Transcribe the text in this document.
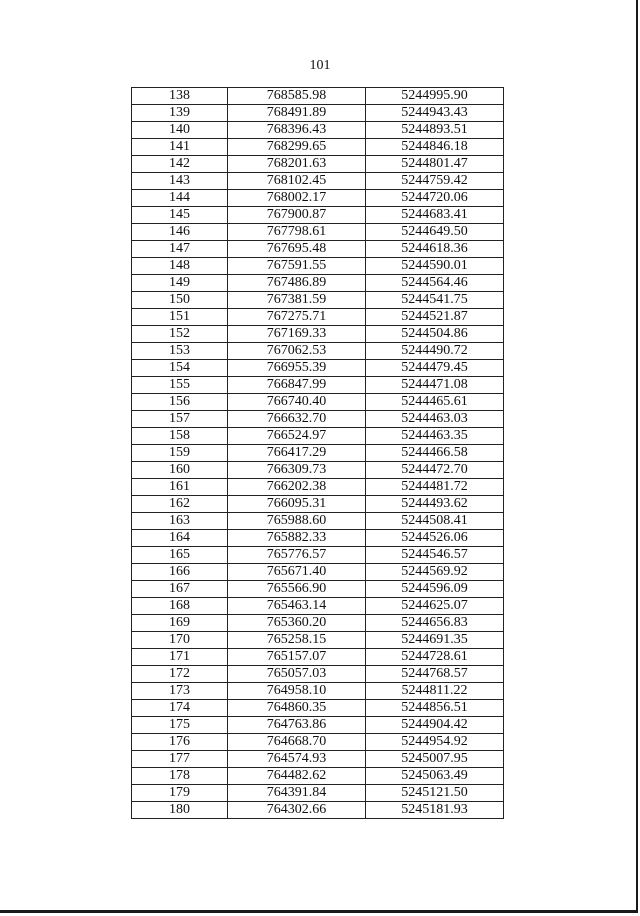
101
138	768585.98	5244995.90
139	768491.89	5244943.43
140	768396.43	5244893.51
141	768299.65	5244846.18
142	768201.63	5244801.47
143	768102.45	5244759.42
144	768002.17	5244720.06
145	767900.87	5244683.41
146	767798.61	5244649.50
147	767695.48	5244618.36
148	767591.55	5244590.01
149	767486.89	5244564.46
150	767381.59	5244541.75
151	767275.71	5244521.87
152	767169.33	5244504.86
153	767062.53	5244490.72
154	766955.39	5244479.45
155	766847.99	5244471.08
156	766740.40	5244465.61
157	766632.70	5244463.03
158	766524.97	5244463.35
159	766417.29	5244466.58
160	766309.73	5244472.70
161	766202.38	5244481.72
162	766095.31	5244493.62
163	765988.60	5244508.41
164	765882.33	5244526.06
165	765776.57	5244546.57
166	765671.40	5244569.92
167	765566.90	5244596.09
168	765463.14	5244625.07
169	765360.20	5244656.83
170	765258.15	5244691.35
171	765157.07	5244728.61
172	765057.03	5244768.57
173	764958.10	5244811.22
174	764860.35	5244856.51
175	764763.86	5244904.42
176	764668.70	5244954.92
177	764574.93	5245007.95
178	764482.62	5245063.49
179	764391.84	5245121.50
180	764302.66	5245181.93
